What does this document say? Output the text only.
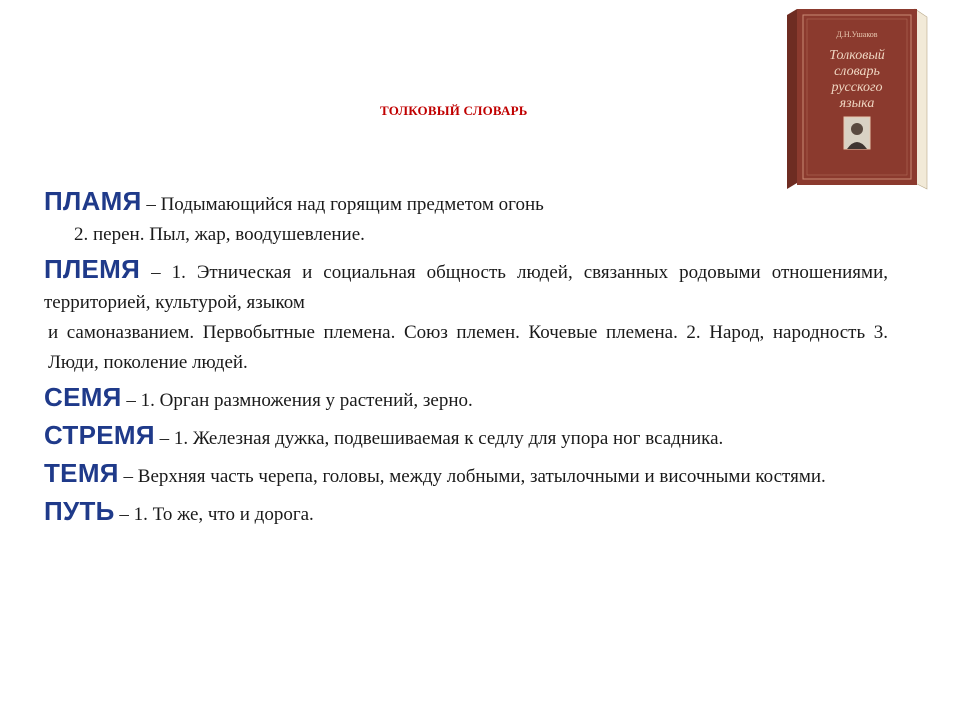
ТОЛКОВЫЙ СЛОВАРЬ
Д.Н.Ушаков
Толковый
словарь
русского
языка
ПЛАМЯ – Подымающийся над горящим предметом огонь
2. перен. Пыл, жар, воодушевление.
ПЛЕМЯ – 1. Этническая и социальная общность людей, связанных родовыми отношениями, территорией, культурой, языком
и самоназванием. Первобытные племена. Союз племен. Кочевые племена. 2. Народ, народность 3. Люди, поколение людей.
СЕМЯ – 1. Орган размножения у растений, зерно.
СТРЕМЯ – 1. Железная дужка, подвешиваемая к седлу для упора ног всадника.
ТЕМЯ – Верхняя часть черепа, головы, между лобными, затылочными и височными костями.
ПУТЬ – 1. То же, что и дорога.
